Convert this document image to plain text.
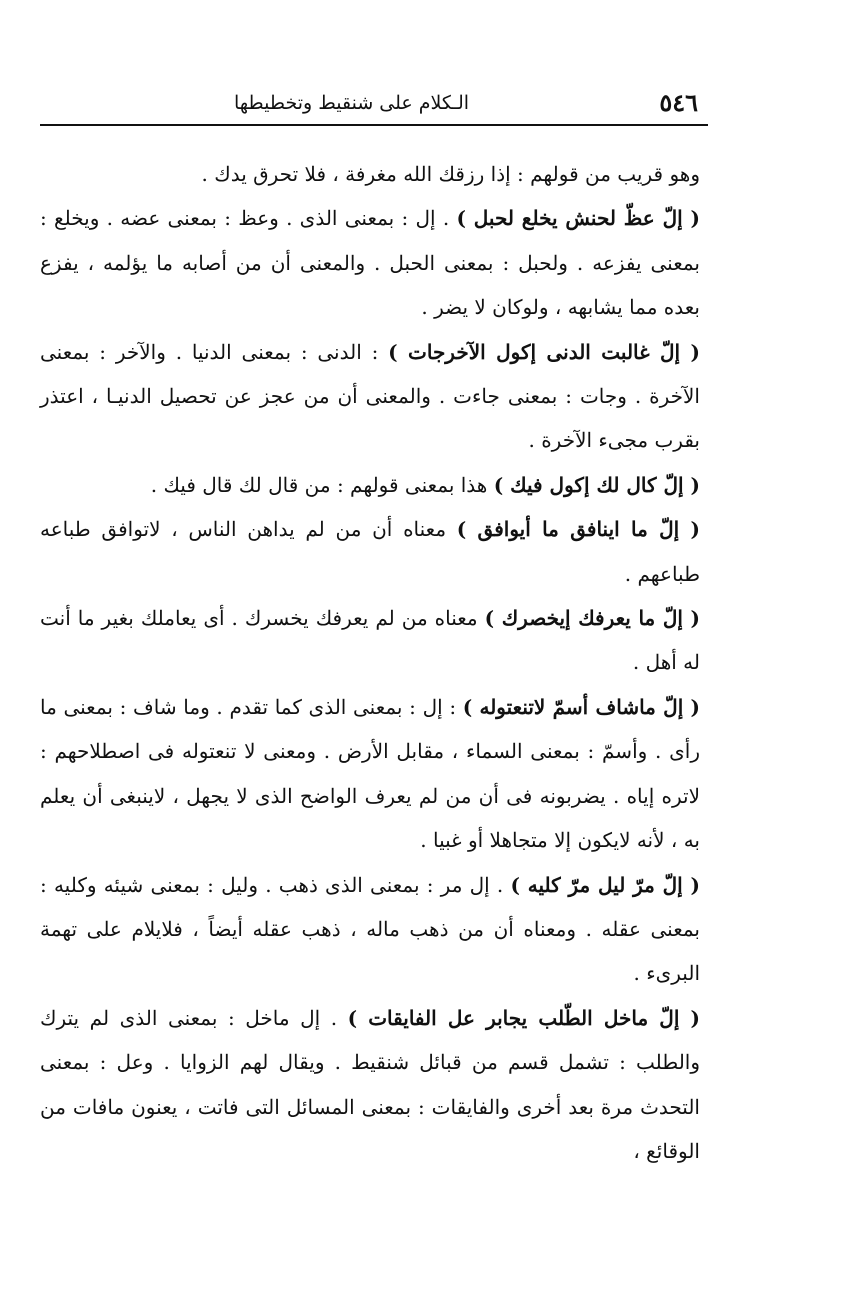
٥٤٦
الـكلام على شنقيط وتخطيطها

وهو قريب من قولهم : إذا رزقك الله مغرفة ، فلا تحرق يدك .

( إلّ عظّ لحنش يخلع لحبل ) . إل : بمعنى الذى . وعظ : بمعنى عضه . ويخلع : بمعنى يفزعه . ولحبل : بمعنى الحبل . والمعنى أن من أصابه ما يؤلمه ، يفزع بعده مما يشابهه ، ولوكان لا يضر .

( إلّ غالبت الدنى إكول الآخرجات ) : الدنى : بمعنى الدنيا . والآخر : بمعنى الآخرة . وجات : بمعنى جاءت . والمعنى أن من عجز عن تحصيل الدنيـا ، اعتذر بقرب مجىء الآخرة .

( إلّ كال لك إكول فيك ) هذا بمعنى قولهم : من قال لك قال فيك .

( إلّ ما اينافق ما أيوافق ) معناه أن من لم يداهن الناس ، لاتوافق طباعه طباعهم .

( إلّ ما يعرفك إيخصرك ) معناه من لم يعرفك يخسرك . أى يعاملك بغير ما أنت له أهل .

( إلّ ماشاف أسمّ لاتنعتوله ) : إل : بمعنى الذى كما تقدم . وما شاف : بمعنى ما رأى . وأسمّ : بمعنى السماء ، مقابل الأرض . ومعنى لا تنعتوله فى اصطلاحهم : لاتره إياه . يضربونه فى أن من لم يعرف الواضح الذى لا يجهل ، لاينبغى أن يعلم به ، لأنه لايكون إلا متجاهلا أو غبيا .

( إلّ مرّ ليل مرّ كليه ) . إل مر : بمعنى الذى ذهب . وليل : بمعنى شيئه وكليه : بمعنى عقله . ومعناه أن من ذهب ماله ، ذهب عقله أيضاً ، فلايلام على تهمة البرىء .

( إلّ ماخل الطّلب يجابر عل الفايقات ) . إل ماخل : بمعنى الذى لم يترك والطلب : تشمل قسم من قبائل شنقيط . ويقال لهم الزوايا . وعل : بمعنى التحدث مرة بعد أخرى والفايقات : بمعنى المسائل التى فاتت ، يعنون مافات من الوقائع ،
